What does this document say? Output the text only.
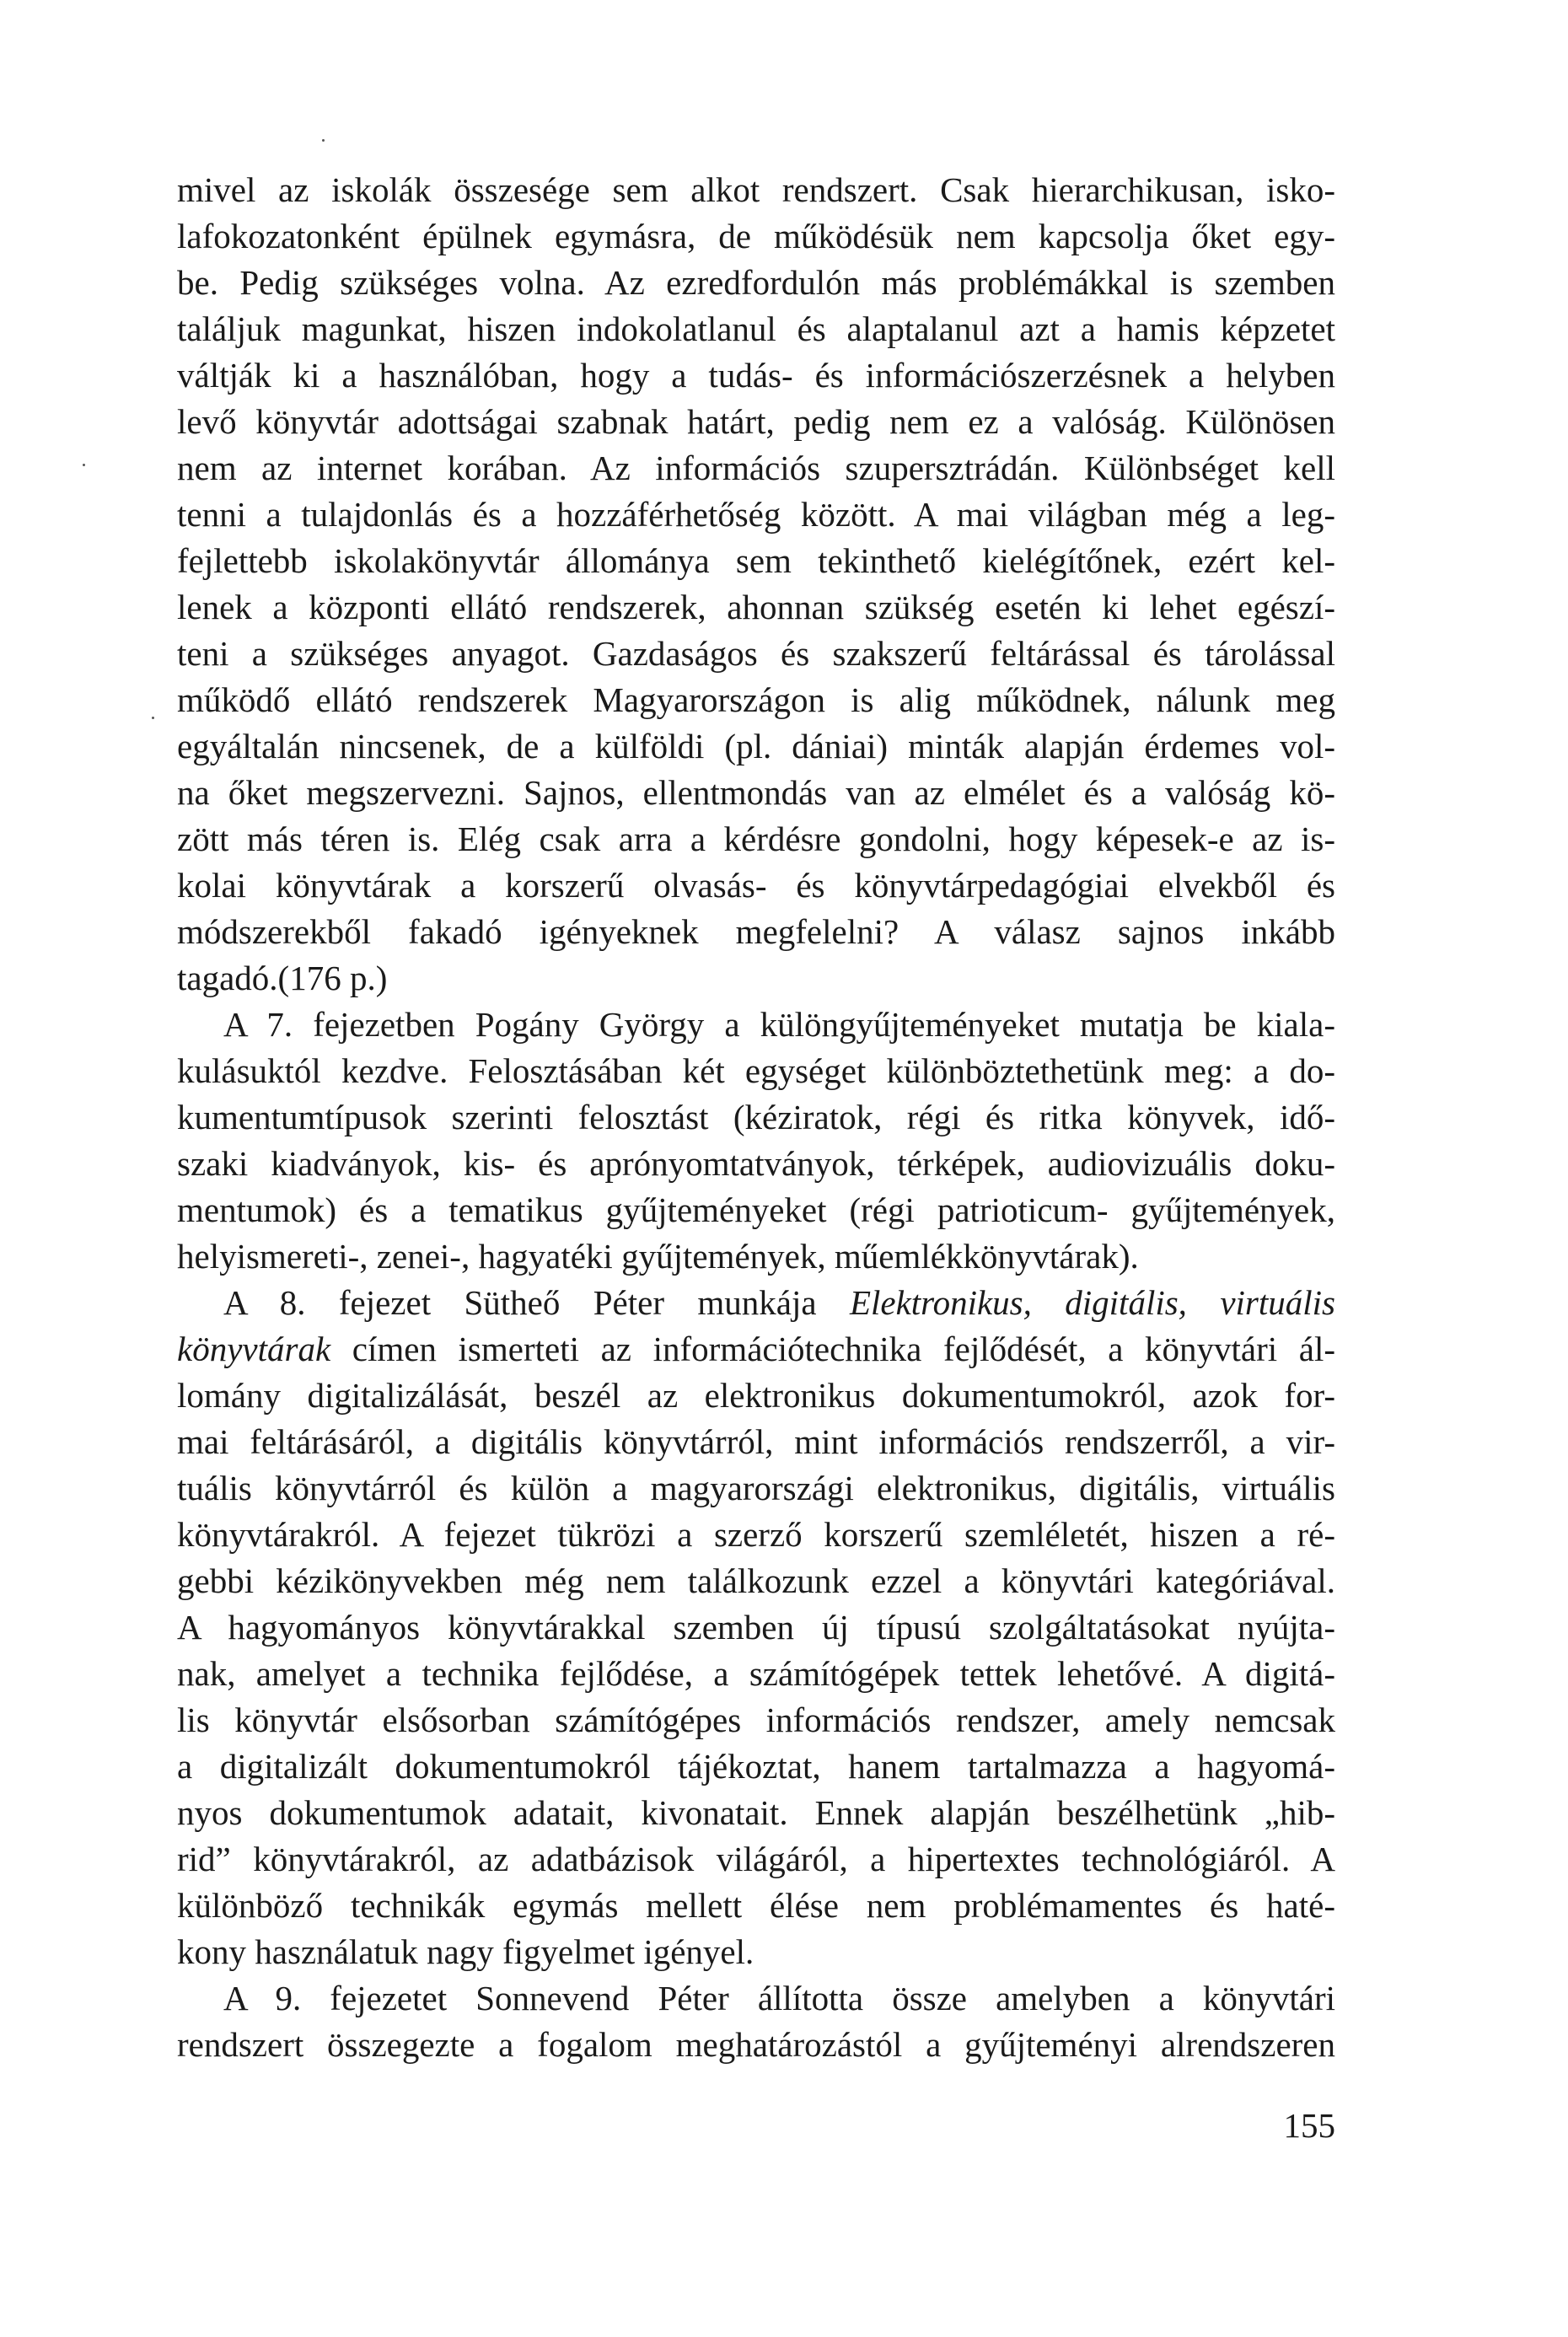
mivel az iskolák összesége sem alkot rendszert. Csak hierarchikusan, isko-
lafokozatonként épülnek egymásra, de működésük nem kapcsolja őket egy-
be. Pedig szükséges volna. Az ezredfordulón más problémákkal is szemben
találjuk magunkat, hiszen indokolatlanul és alaptalanul azt a hamis képzetet
váltják ki a használóban, hogy a tudás- és információszerzésnek a helyben
levő könyvtár adottságai szabnak határt, pedig nem ez a valóság. Különösen
nem az internet korában. Az információs szupersztrádán. Különbséget kell
tenni a tulajdonlás és a hozzáférhetőség között. A mai világban még a leg-
fejlettebb iskolakönyvtár állománya sem tekinthető kielégítőnek, ezért kel-
lenek a központi ellátó rendszerek, ahonnan szükség esetén ki lehet egészí-
teni a szükséges anyagot. Gazdaságos és szakszerű feltárással és tárolással
működő ellátó rendszerek Magyarországon is alig működnek, nálunk meg
egyáltalán nincsenek, de a külföldi (pl. dániai) minták alapján érdemes vol-
na őket megszervezni. Sajnos, ellentmondás van az elmélet és a valóság kö-
zött más téren is. Elég csak arra a kérdésre gondolni, hogy képesek-e az is-
kolai könyvtárak a korszerű olvasás- és könyvtárpedagógiai elvekből és
módszerekből fakadó igényeknek megfelelni? A válasz sajnos inkább
tagadó.(176 p.)
A 7. fejezetben Pogány György a különgyűjteményeket mutatja be kiala-
kulásuktól kezdve. Felosztásában két egységet különböztethetünk meg: a do-
kumentumtípusok szerinti felosztást (kéziratok, régi és ritka könyvek, idő-
szaki kiadványok, kis- és aprónyomtatványok, térképek, audiovizuális doku-
mentumok) és a tematikus gyűjteményeket (régi patrioticum- gyűjtemények,
helyismereti-, zenei-, hagyatéki gyűjtemények, műemlékkönyvtárak).
A 8. fejezet Sütheő Péter munkája Elektronikus, digitális, virtuális
könyvtárak címen ismerteti az információtechnika fejlődését, a könyvtári ál-
lomány digitalizálását, beszél az elektronikus dokumentumokról, azok for-
mai feltárásáról, a digitális könyvtárról, mint információs rendszerről, a vir-
tuális könyvtárról és külön a magyarországi elektronikus, digitális, virtuális
könyvtárakról. A fejezet tükrözi a szerző korszerű szemléletét, hiszen a ré-
gebbi kézikönyvekben még nem találkozunk ezzel a könyvtári kategóriával.
A hagyományos könyvtárakkal szemben új típusú szolgáltatásokat nyújta-
nak, amelyet a technika fejlődése, a számítógépek tettek lehetővé. A digitá-
lis könyvtár elsősorban számítógépes információs rendszer, amely nemcsak
a digitalizált dokumentumokról tájékoztat, hanem tartalmazza a hagyomá-
nyos dokumentumok adatait, kivonatait. Ennek alapján beszélhetünk „hib-
rid” könyvtárakról, az adatbázisok világáról, a hipertextes technológiáról. A
különböző technikák egymás mellett élése nem problémamentes és haté-
kony használatuk nagy figyelmet igényel.
A 9. fejezetet Sonnevend Péter állította össze amelyben a könyvtári
rendszert összegezte a fogalom meghatározástól a gyűjteményi alrendszeren
155
